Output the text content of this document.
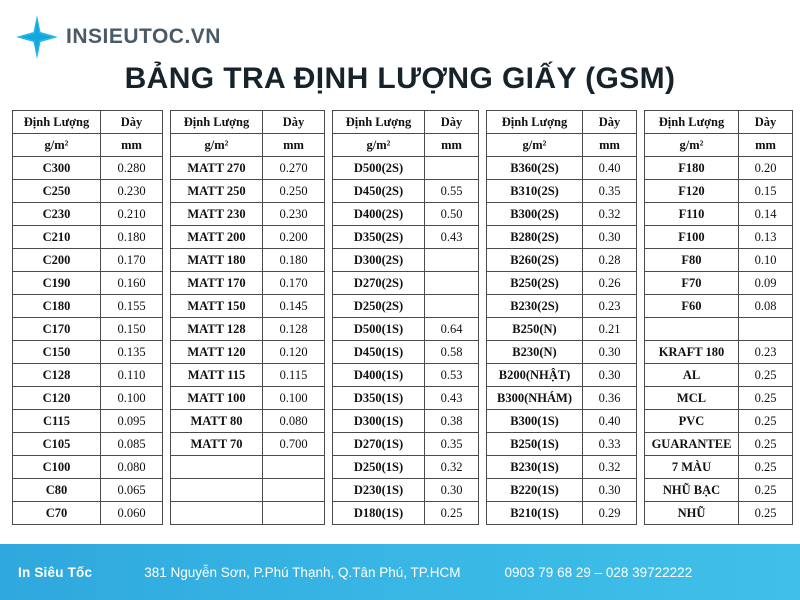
INSIEUTOC.VN
BẢNG TRA ĐỊNH LƯỢNG GIẤY (GSM)
Định Lượng	Dày		Định Lượng	Dày		Định Lượng	Dày		Định Lượng	Dày		Định Lượng	Dày
g/m²	mm		g/m²	mm		g/m²	mm		g/m²	mm		g/m²	mm
C300	0.280		MATT 270	0.270		D500(2S)			B360(2S)	0.40		F180	0.20
C250	0.230		MATT 250	0.250		D450(2S)	0.55		B310(2S)	0.35		F120	0.15
C230	0.210		MATT 230	0.230		D400(2S)	0.50		B300(2S)	0.32		F110	0.14
C210	0.180		MATT 200	0.200		D350(2S)	0.43		B280(2S)	0.30		F100	0.13
C200	0.170		MATT 180	0.180		D300(2S)			B260(2S)	0.28		F80	0.10
C190	0.160		MATT 170	0.170		D270(2S)			B250(2S)	0.26		F70	0.09
C180	0.155		MATT 150	0.145		D250(2S)			B230(2S)	0.23		F60	0.08
C170	0.150		MATT 128	0.128		D500(1S)	0.64		B250(N)	0.21			
C150	0.135		MATT 120	0.120		D450(1S)	0.58		B230(N)	0.30		KRAFT 180	0.23
C128	0.110		MATT 115	0.115		D400(1S)	0.53		B200(NHẬT)	0.30		AL	0.25
C120	0.100		MATT 100	0.100		D350(1S)	0.43		B300(NHÁM)	0.36		MCL	0.25
C115	0.095		MATT 80	0.080		D300(1S)	0.38		B300(1S)	0.40		PVC	0.25
C105	0.085		MATT 70	0.700		D270(1S)	0.35		B250(1S)	0.33		GUARANTEE	0.25
C100	0.080					D250(1S)	0.32		B230(1S)	0.32		7 MÀU	0.25
C80	0.065					D230(1S)	0.30		B220(1S)	0.30		NHŨ BẠC	0.25
C70	0.060					D180(1S)	0.25		B210(1S)	0.29		NHŨ	0.25
In Siêu Tốc	381 Nguyễn Sơn, P.Phú Thạnh, Q.Tân Phú, TP.HCM	0903 79 68 29 – 028 39722222
